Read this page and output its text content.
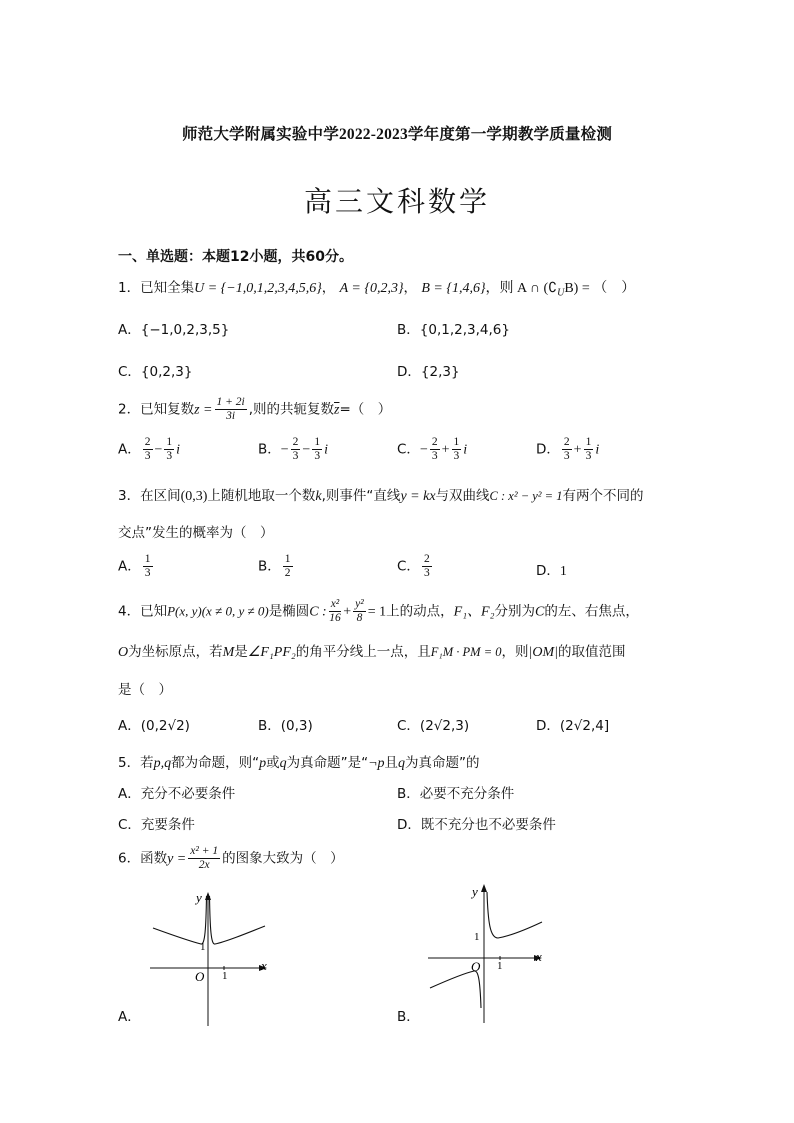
师范大学附属实验中学2022-2023学年度第一学期教学质量检测
高三文科数学
一、单选题：本题12小题，共60分。
1．已知全集U = {−1,0,1,2,3,4,5,6}， A = {0,2,3}， B = {1,4,6}，则 A ∩ $(∁_UB)$ = （　）
A．{−1,0,2,3,5}	B．{0,1,2,3,4,6}
C．{0,2,3}	D．{2,3}
2．已知复数$z = \frac{1 + 2i}{3i}$ ,则的共轭复数$\overline{z}=$（　）
A． $\frac{2}{3} - \frac{1}{3}$ i	B．− $\frac{2}{3} - \frac{1}{3}$ i	C．− $\frac{2}{3} + \frac{1}{3}$ i	D． $\frac{2}{3} + \frac{1}{3}$ i
3．在区间(0,3)上随机地取一个数k,则事件“直线y = kx与双曲线C : x² − y² = 1有两个不同的
交点”发生的概率为（　）
A． $\frac{1}{3}$	B． $\frac{1}{2}$	C． $\frac{2}{3}$	D．1
4．已知P(x, y)(x ≠ 0, y ≠ 0)是椭圆C : $\frac{\text{x²}}{16} + \frac{\text{y²}}{8} = 1$上的动点，F₁、F₂分别为C的左、右焦点，
O为坐标原点，若M是∠F₁PF₂的角平分线上一点，且F₁M · PM = 0，则|OM|的取值范围
是（　）
A．(0,2√2)	B．(0,3)	C．(2√2,3)	D．(2√2,4]
5．若p,q都为命题，则“p或q为真命题”是“¬p且q为真命题”的
A．充分不必要条件	B．必要不充分条件
C．充要条件	D．既不充分也不必要条件
6．函数$y = \frac{\text{x² + 1}}{2x}$ 的图象大致为（　）
1
1
O
x
y
A．
1
1
O
x
y
B．
